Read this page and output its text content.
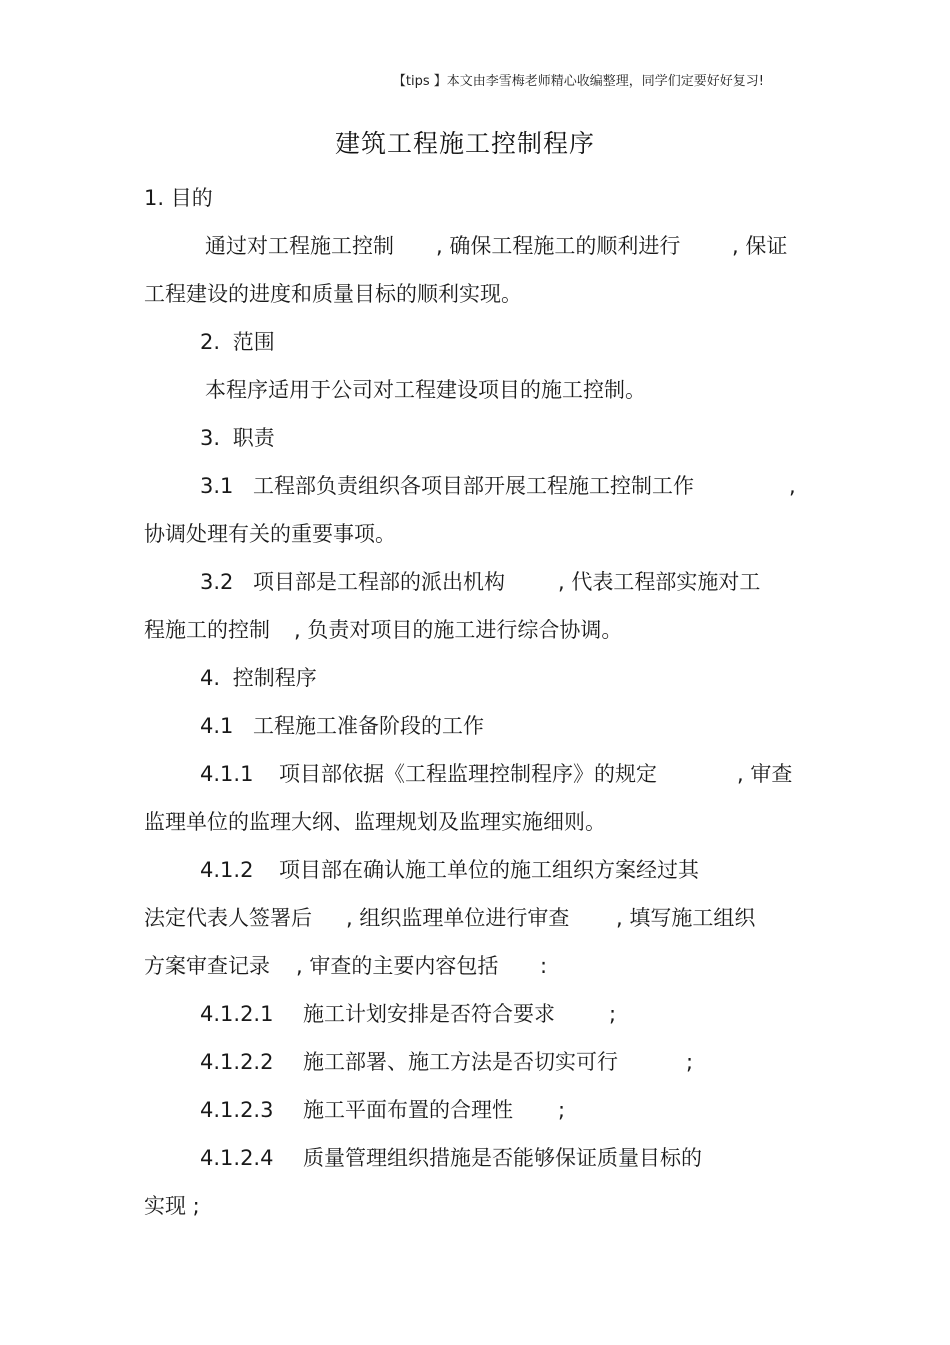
【tips 】本文由李雪梅老师精心收编整理，同学们定要好好复习!
建筑工程施工控制程序
1. 目的
通过对工程施工控制 , 确保工程施工的顺利进行 , 保证
工程建设的进度和质量目标的顺利实现。
2. 范围
本程序适用于公司对工程建设项目的施工控制。
3. 职责
3.1 工程部负责组织各项目部开展工程施工控制工作	,
协调处理有关的重要事项。
3.2 项目部是工程部的派出机构	, 代表工程部实施对工
程施工的控制 , 负责对项目的施工进行综合协调。
4. 控制程序
4.1 工程施工准备阶段的工作
4.1.1 项目部依据《工程监理控制程序》的规定	, 审查
监理单位的监理大纲、监理规划及监理实施细则。
4.1.2 项目部在确认施工单位的施工组织方案经过其
法定代表人签署后 , 组织监理单位进行审查 , 填写施工组织
方案审查记录 , 审查的主要内容包括 :
4.1.2.1 施工计划安排是否符合要求	;
4.1.2.2 施工部署、施工方法是否切实可行	;
4.1.2.3 施工平面布置的合理性 ;
4.1.2.4 质量管理组织措施是否能够保证质量目标的
实现 ;
